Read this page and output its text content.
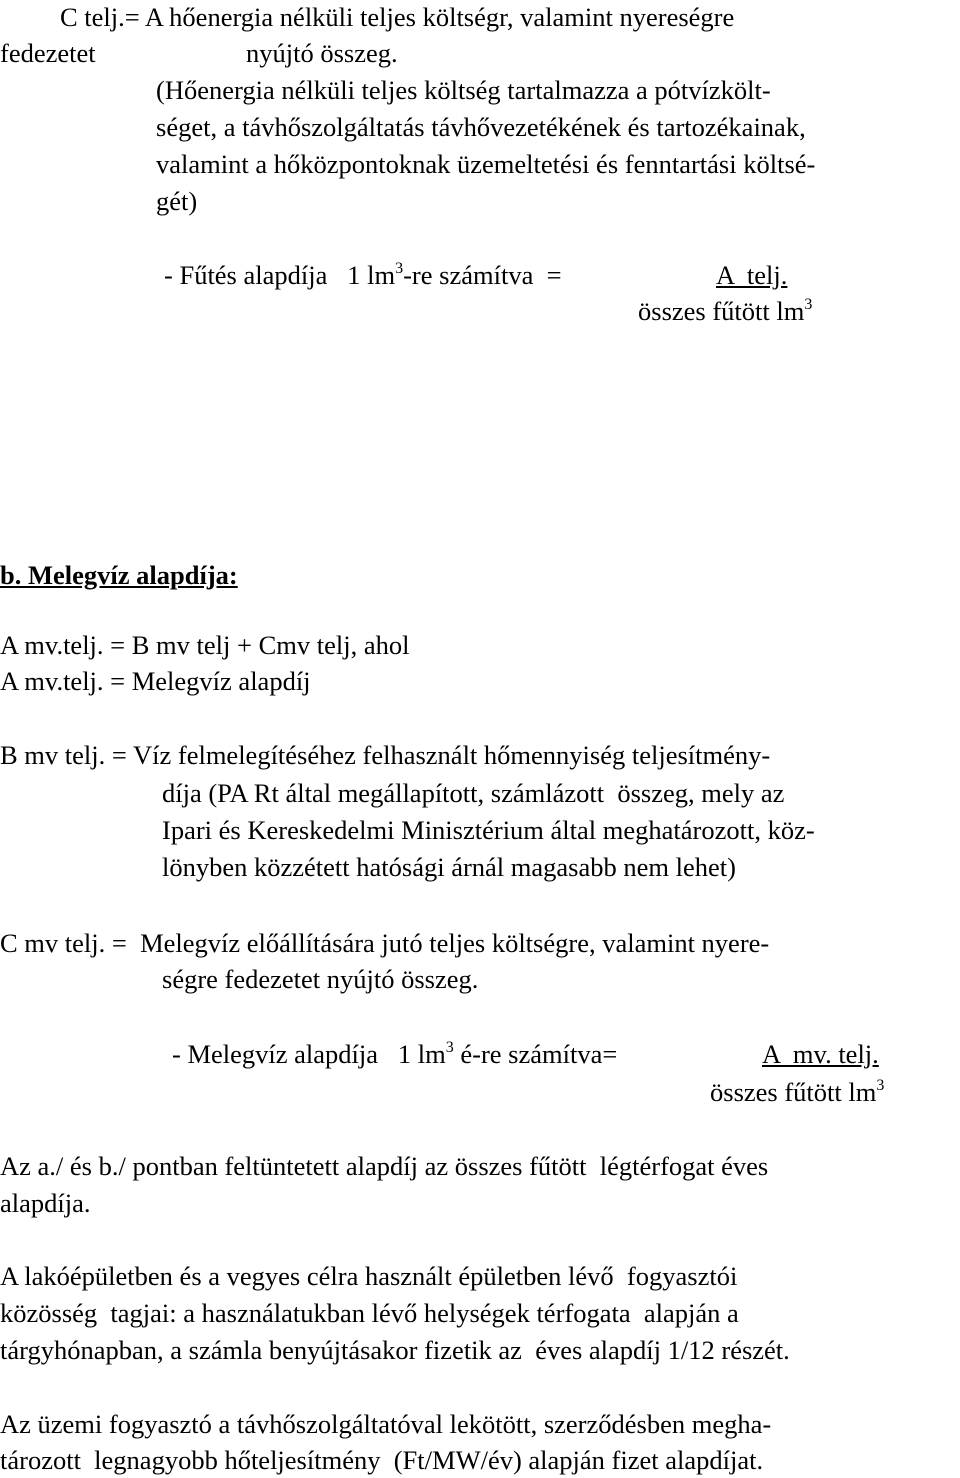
C telj.= A hőenergia nélküli teljes költségr, valamint nyereségre
fedezetet	nyújtó összeg.
(Hőenergia nélküli teljes költség tartalmazza a pótvízkölt-
séget, a távhőszolgáltatás távhővezetékének és tartozékainak,
valamint a hőközpontoknak üzemeltetési és fenntartási költsé-
gét)
- Fűtés alapdíja   1 $lm^3-re$ számítva  =	A  telj.
összes fűtött $lm^3$
b. Melegvíz alapdíja:
A mv.telj. = B mv telj + Cmv telj, ahol
A mv.telj. = Melegvíz alapdíj
B mv telj. = Víz felmelegítéséhez felhasznált hőmennyiség teljesítmény-
díja (PA Rt által megállapított, számlázott  összeg, mely az
Ipari és Kereskedelmi Minisztérium által meghatározott, köz-
lönyben közzétett hatósági árnál magasabb nem lehet)
C mv telj. =  Melegvíz előállítására jutó teljes költségre, valamint nyere-
ségre fedezetet nyújtó összeg.
- Melegvíz alapdíja   1 $lm^3$ é-re számítva=	A  mv. telj.
összes fűtött $lm^3$
Az a./ és b./ pontban feltüntetett alapdíj az összes fűtött  légtérfogat éves
alapdíja.
A lakóépületben és a vegyes célra használt épületben lévő  fogyasztói
közösség  tagjai: a használatukban lévő helységek térfogata  alapján a
tárgyhónapban, a számla benyújtásakor fizetik az  éves alapdíj 1/12 részét.
Az üzemi fogyasztó a távhőszolgáltatóval lekötött, szerződésben megha-
tározott  legnagyobb hőteljesítmény  (Ft/MW/év) alapján fizet alapdíjat.
